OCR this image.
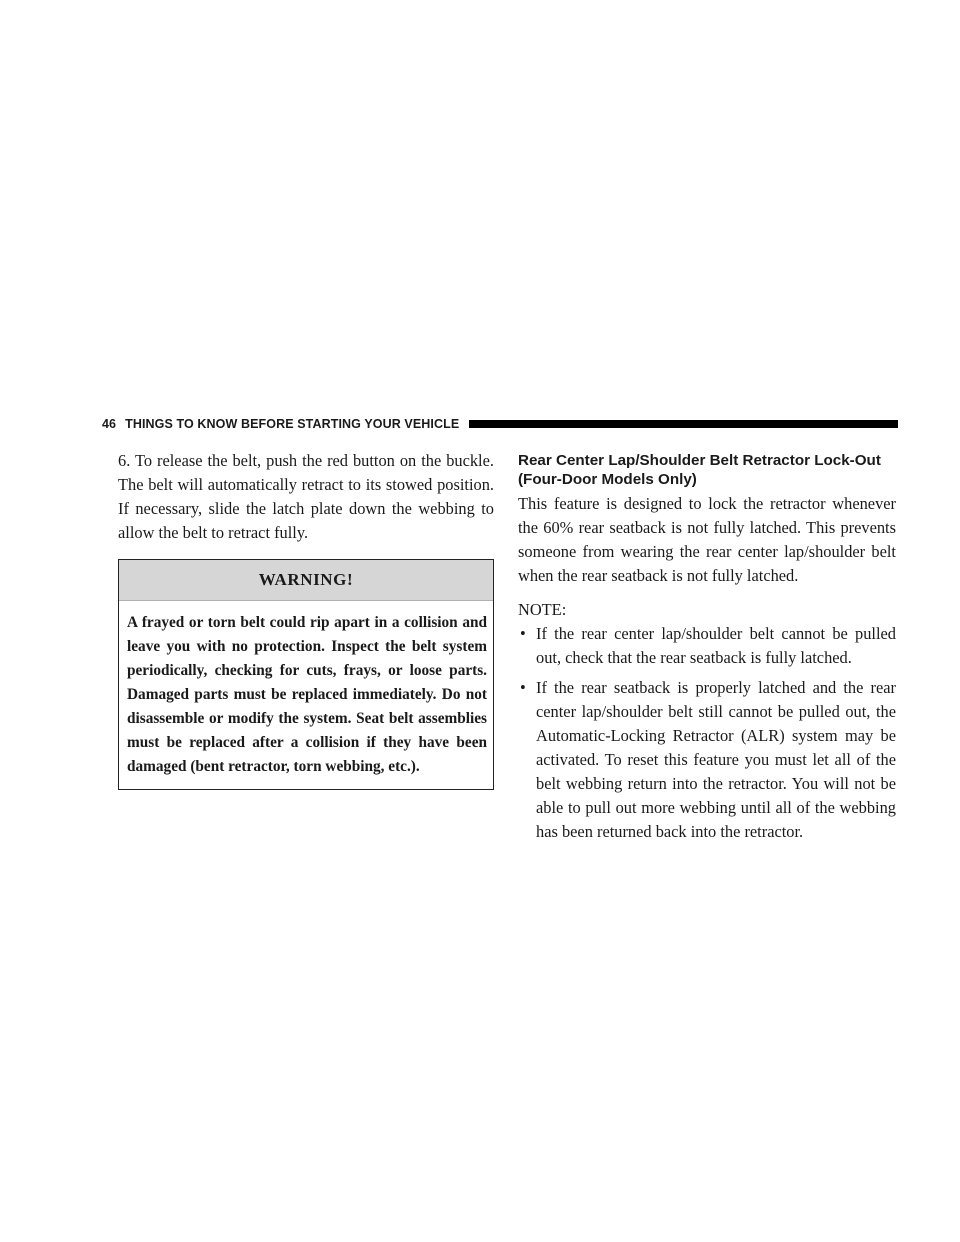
46 THINGS TO KNOW BEFORE STARTING YOUR VEHICLE

6. To release the belt, push the red button on the buckle. The belt will automatically retract to its stowed position. If necessary, slide the latch plate down the webbing to allow the belt to retract fully.

WARNING!
A frayed or torn belt could rip apart in a collision and leave you with no protection. Inspect the belt system periodically, checking for cuts, frays, or loose parts. Damaged parts must be replaced immediately. Do not disassemble or modify the system. Seat belt assemblies must be replaced after a collision if they have been damaged (bent retractor, torn webbing, etc.).
Rear Center Lap/Shoulder Belt Retractor Lock-Out (Four-Door Models Only)

This feature is designed to lock the retractor whenever the 60% rear seatback is not fully latched. This prevents someone from wearing the rear center lap/shoulder belt when the rear seatback is not fully latched.

NOTE:
• If the rear center lap/shoulder belt cannot be pulled out, check that the rear seatback is fully latched.
• If the rear seatback is properly latched and the rear center lap/shoulder belt still cannot be pulled out, the Automatic-Locking Retractor (ALR) system may be activated. To reset this feature you must let all of the belt webbing return into the retractor. You will not be able to pull out more webbing until all of the webbing has been returned back into the retractor.
